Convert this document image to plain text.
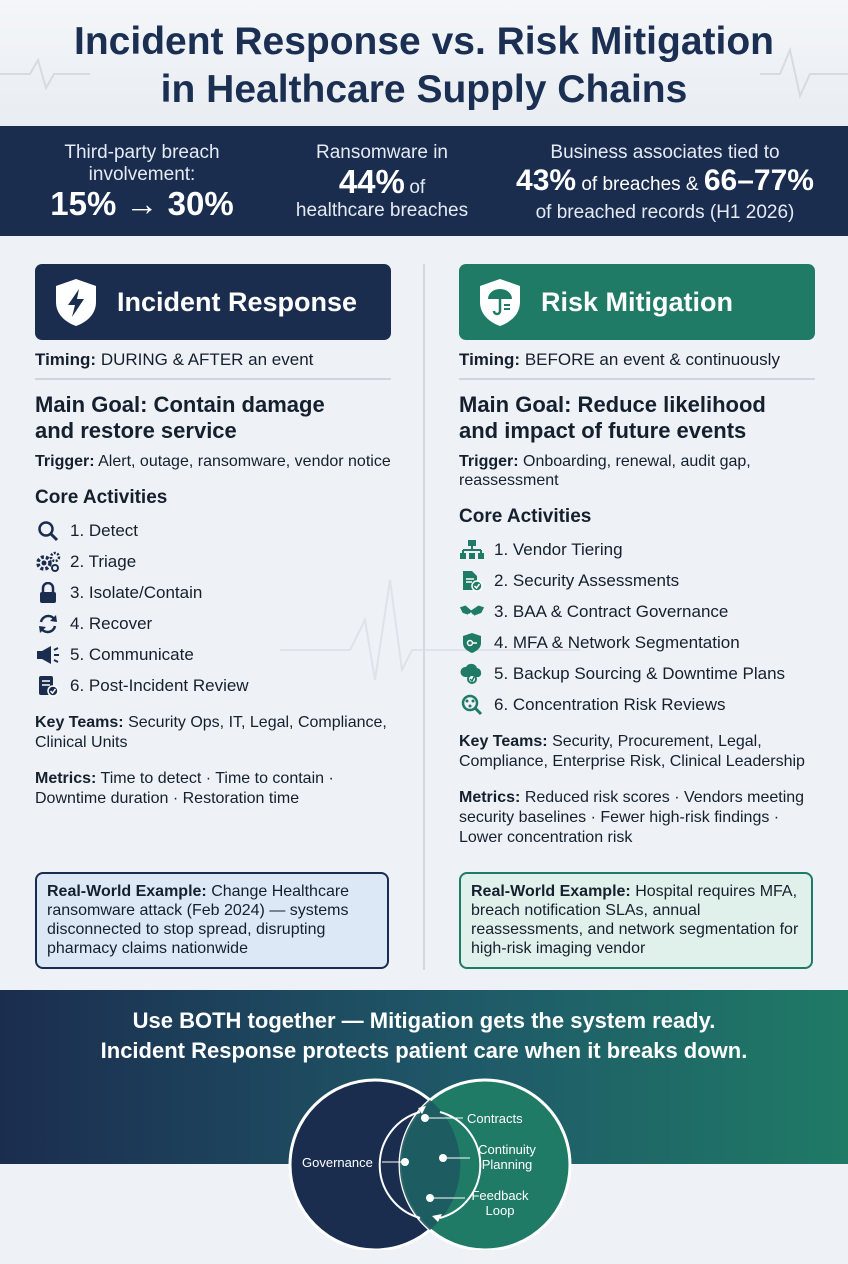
Incident Response vs. Risk Mitigation
in Healthcare Supply Chains
Third-party breach
involvement:
15% → 30%
Ransomware in
44% of
healthcare breaches
Business associates tied to
43% of breaches & 66–77%
of breached records (H1 2026)
Incident Response
Timing: DURING & AFTER an event
Main Goal: Contain damage
and restore service
Trigger: Alert, outage, ransomware, vendor notice
Core Activities
1. Detect
2. Triage
3. Isolate/Contain
4. Recover
5. Communicate
6. Post-Incident Review
Key Teams: Security Ops, IT, Legal, Compliance, Clinical Units
Metrics: Time to detect · Time to contain · Downtime duration · Restoration time
Real-World Example: Change Healthcare ransomware attack (Feb 2024) — systems disconnected to stop spread, disrupting pharmacy claims nationwide
Risk Mitigation
Timing: BEFORE an event & continuously
Main Goal: Reduce likelihood
and impact of future events
Trigger: Onboarding, renewal, audit gap, reassessment
Core Activities
1. Vendor Tiering
2. Security Assessments
3. BAA & Contract Governance
4. MFA & Network Segmentation
5. Backup Sourcing & Downtime Plans
6. Concentration Risk Reviews
Key Teams: Security, Procurement, Legal, Compliance, Enterprise Risk, Clinical Leadership
Metrics: Reduced risk scores · Vendors meeting security baselines · Fewer high-risk findings · Lower concentration risk
Real-World Example: Hospital requires MFA, breach notification SLAs, annual reassessments, and network segmentation for high-risk imaging vendor
Use BOTH together — Mitigation gets the system ready.
Incident Response protects patient care when it breaks down.
Governance
Contracts
Continuity
Planning
Feedback
Loop
